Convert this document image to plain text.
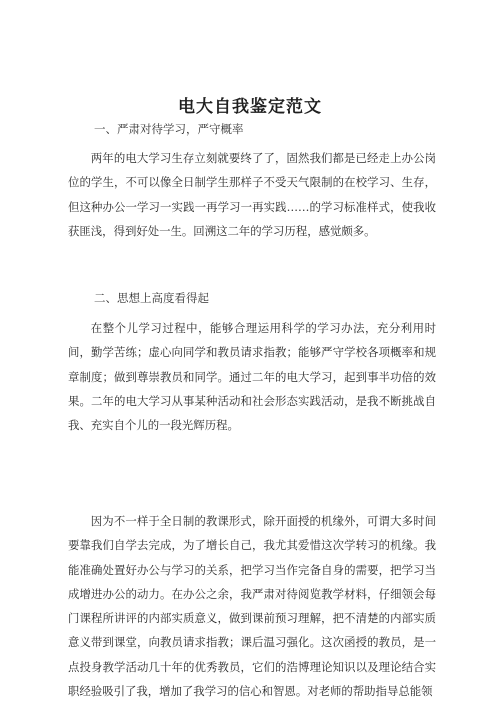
电大自我鉴定范文

一、严肃对待学习，严守概率

两年的电大学习生存立刻就要终了了，固然我们都是已经走上办公岗位的学生，不可以像全日制学生那样子不受天气限制的在校学习、生存，但这种办公一学习一实践一再学习一再实践……的学习标准样式，使我收获匪浅，得到好处一生。回溯这二年的学习历程，感觉颇多。

二、思想上高度看得起

在整个儿学习过程中，能够合理运用科学的学习办法，充分利用时间，勤学苦练；虚心向同学和教员请求指教；能够严守学校各项概率和规章制度；做到尊崇教员和同学。通过二年的电大学习，起到事半功倍的效果。二年的电大学习从事某种活动和社会形态实践活动，是我不断挑战自我、充实自个儿的一段光辉历程。

因为不一样于全日制的教课形式，除开面授的机缘外，可谓大多时间要靠我们自学去完成，为了增长自己，我尤其爱惜这次学转习的机缘。我能准确处置好办公与学习的关系，把学习当作完备自身的需要，把学习当成增进办公的动力。在办公之余，我严肃对待阅览教学材料，仔细领会每门课程所讲评的内部实质意义，做到课前预习理解，把不清楚的内部实质意义带到课堂，向教员请求指教；课后温习强化。这次函授的教员，是一点投身教学活动几十年的优秀教员，它们的浩博理论知识以及理论结合实职经验吸引了我，增加了我学习的信心和智恩。对老师的帮助指导总能领
